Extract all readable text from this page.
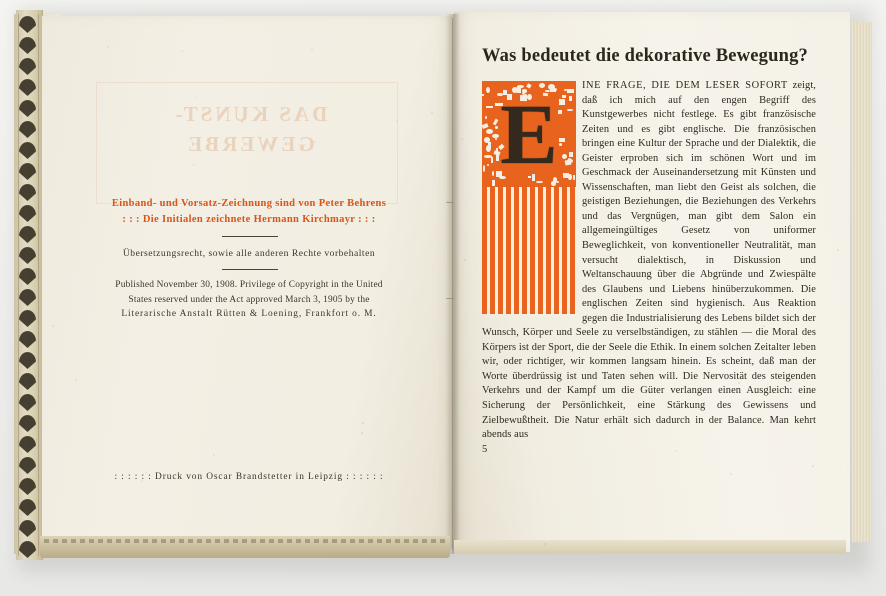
DAS KUNST-
GEWERBE
Einband- und Vorsatz-Zeichnung sind von Peter Behrens
: : : Die Initialen zeichnete Hermann Kirchmayr : : :
Übersetzungsrecht, sowie alle anderen Rechte vorbehalten
Published November 30, 1908. Privilege of Copyright in the United
States reserved under the Act approved March 3, 1905 by the
Literarische Anstalt Rütten & Loening, Frankfort o. M.
: : : : : : Druck von Oscar Brandstetter in Leipzig : : : : : :
Was bedeutet die dekorative Bewegung?
E

INE FRAGE, DIE DEM LESER SOFORT zeigt, daß ich mich auf den engen Begriff des Kunstgewerbes nicht festlege. Es gibt französische Zeiten und es gibt englische. Die französischen bringen eine Kultur der Sprache und der Dialektik, die Geister erproben sich im schönen Wort und im Geschmack der Auseinandersetzung mit Künsten und Wissenschaften, man liebt den Geist als solchen, die geistigen Beziehungen, die Beziehungen des Verkehrs und das Vergnügen, man gibt dem Salon ein allgemeingültiges Gesetz von uniformer Beweglichkeit, von konventioneller Neutralität, man versucht dialektisch, in Diskussion und Weltanschauung über die Abgründe und Zwiespälte des Glaubens und Liebens hinüberzukommen. Die englischen Zeiten sind hygienisch. Aus Reaktion gegen die Industrialisierung des Lebens bildet sich der Wunsch, Körper und Seele zu verselbständigen, zu stählen — die Moral des Körpers ist der Sport, die der Seele die Ethik. In einem solchen Zeitalter leben wir, oder richtiger, wir kommen langsam hinein. Es scheint, daß man der Worte überdrüssig ist und Taten sehen will. Die Nervosität des steigenden Verkehrs und der Kampf um die Güter verlangen einen Ausgleich: eine Sicherung der Persönlichkeit, eine Stärkung des Gewissens und Zielbewußtheit. Die Natur erhält sich dadurch in der Balance. Man kehrt abends aus

5
